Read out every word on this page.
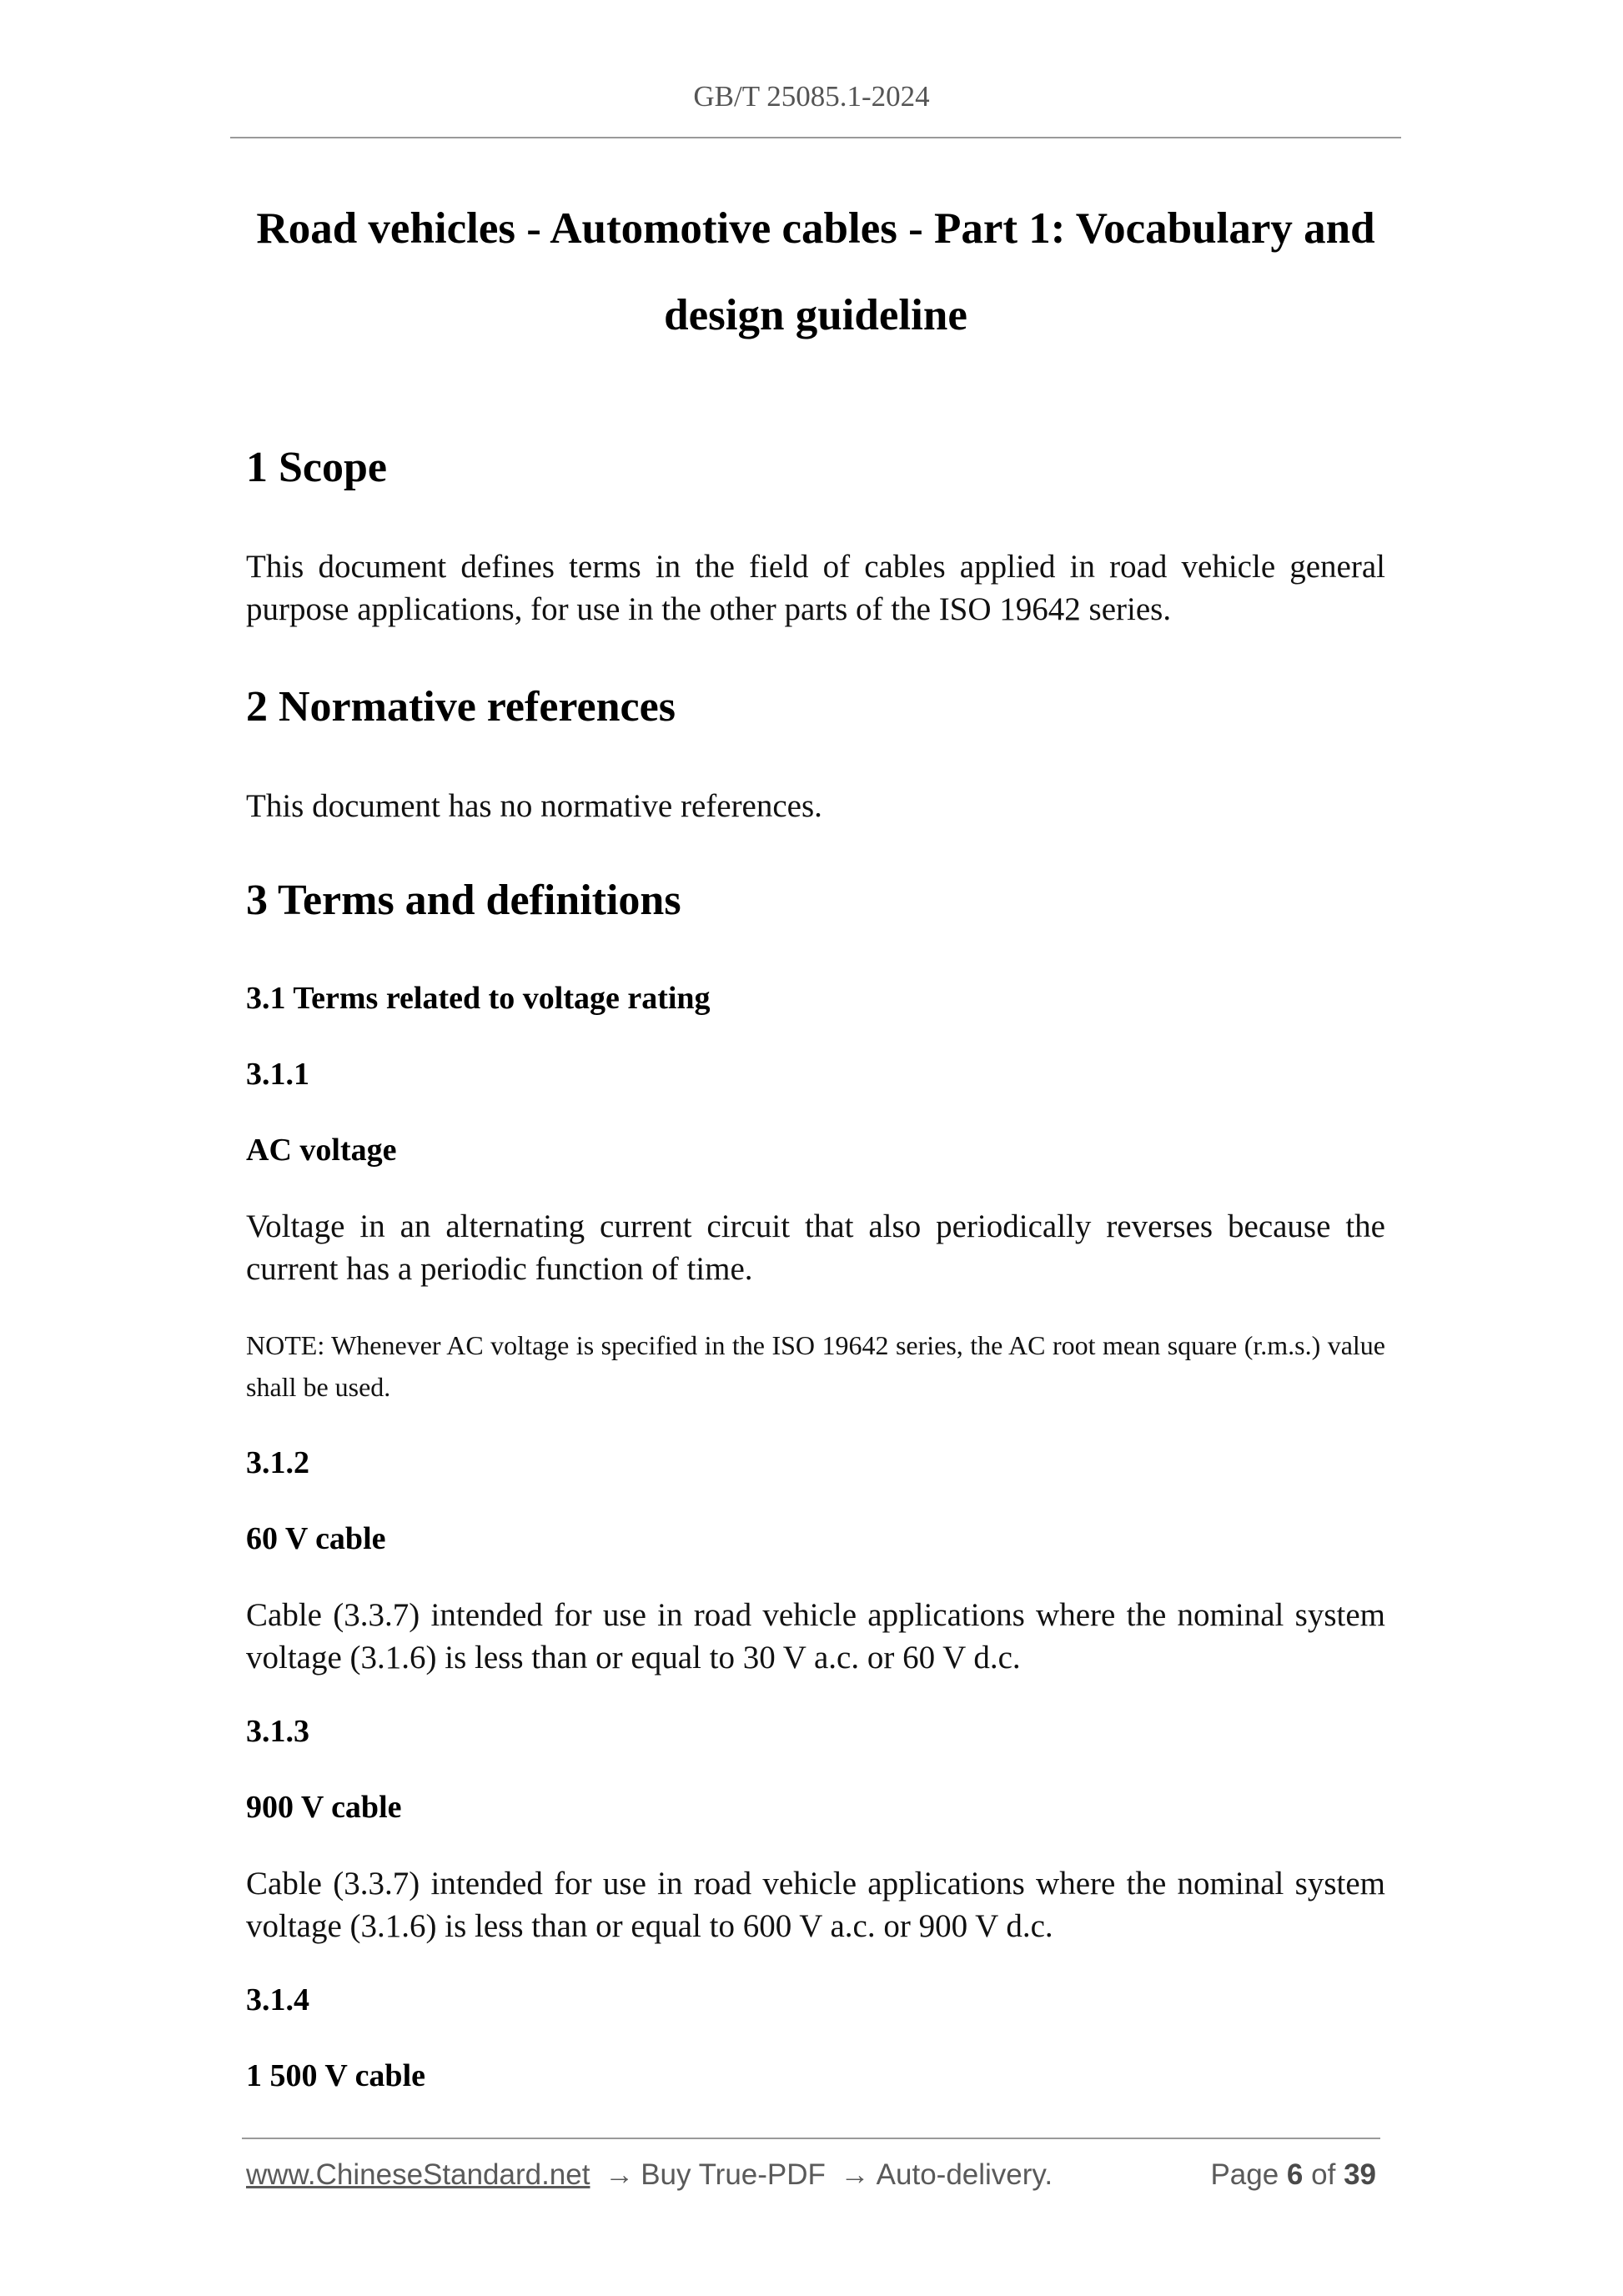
GB/T 25085.1-2024
Road vehicles - Automotive cables - Part 1: Vocabulary and
design guideline
1 Scope

This document defines terms in the field of cables applied in road vehicle general purpose applications, for use in the other parts of the ISO 19642 series.

2 Normative references

This document has no normative references.

3 Terms and definitions
3.1 Terms related to voltage rating
3.1.1
AC voltage

Voltage in an alternating current circuit that also periodically reverses because the current has a periodic function of time.

NOTE: Whenever AC voltage is specified in the ISO 19642 series, the AC root mean square (r.m.s.) value shall be used.

3.1.2
60 V cable

Cable (3.3.7) intended for use in road vehicle applications where the nominal system voltage (3.1.6) is less than or equal to 30 V a.c. or 60 V d.c.

3.1.3
900 V cable

Cable (3.3.7) intended for use in road vehicle applications where the nominal system voltage (3.1.6) is less than or equal to 600 V a.c. or 900 V d.c.

3.1.4
1 500 V cable
www.ChineseStandard.net → Buy True-PDF → Auto-delivery.	Page 6 of 39
